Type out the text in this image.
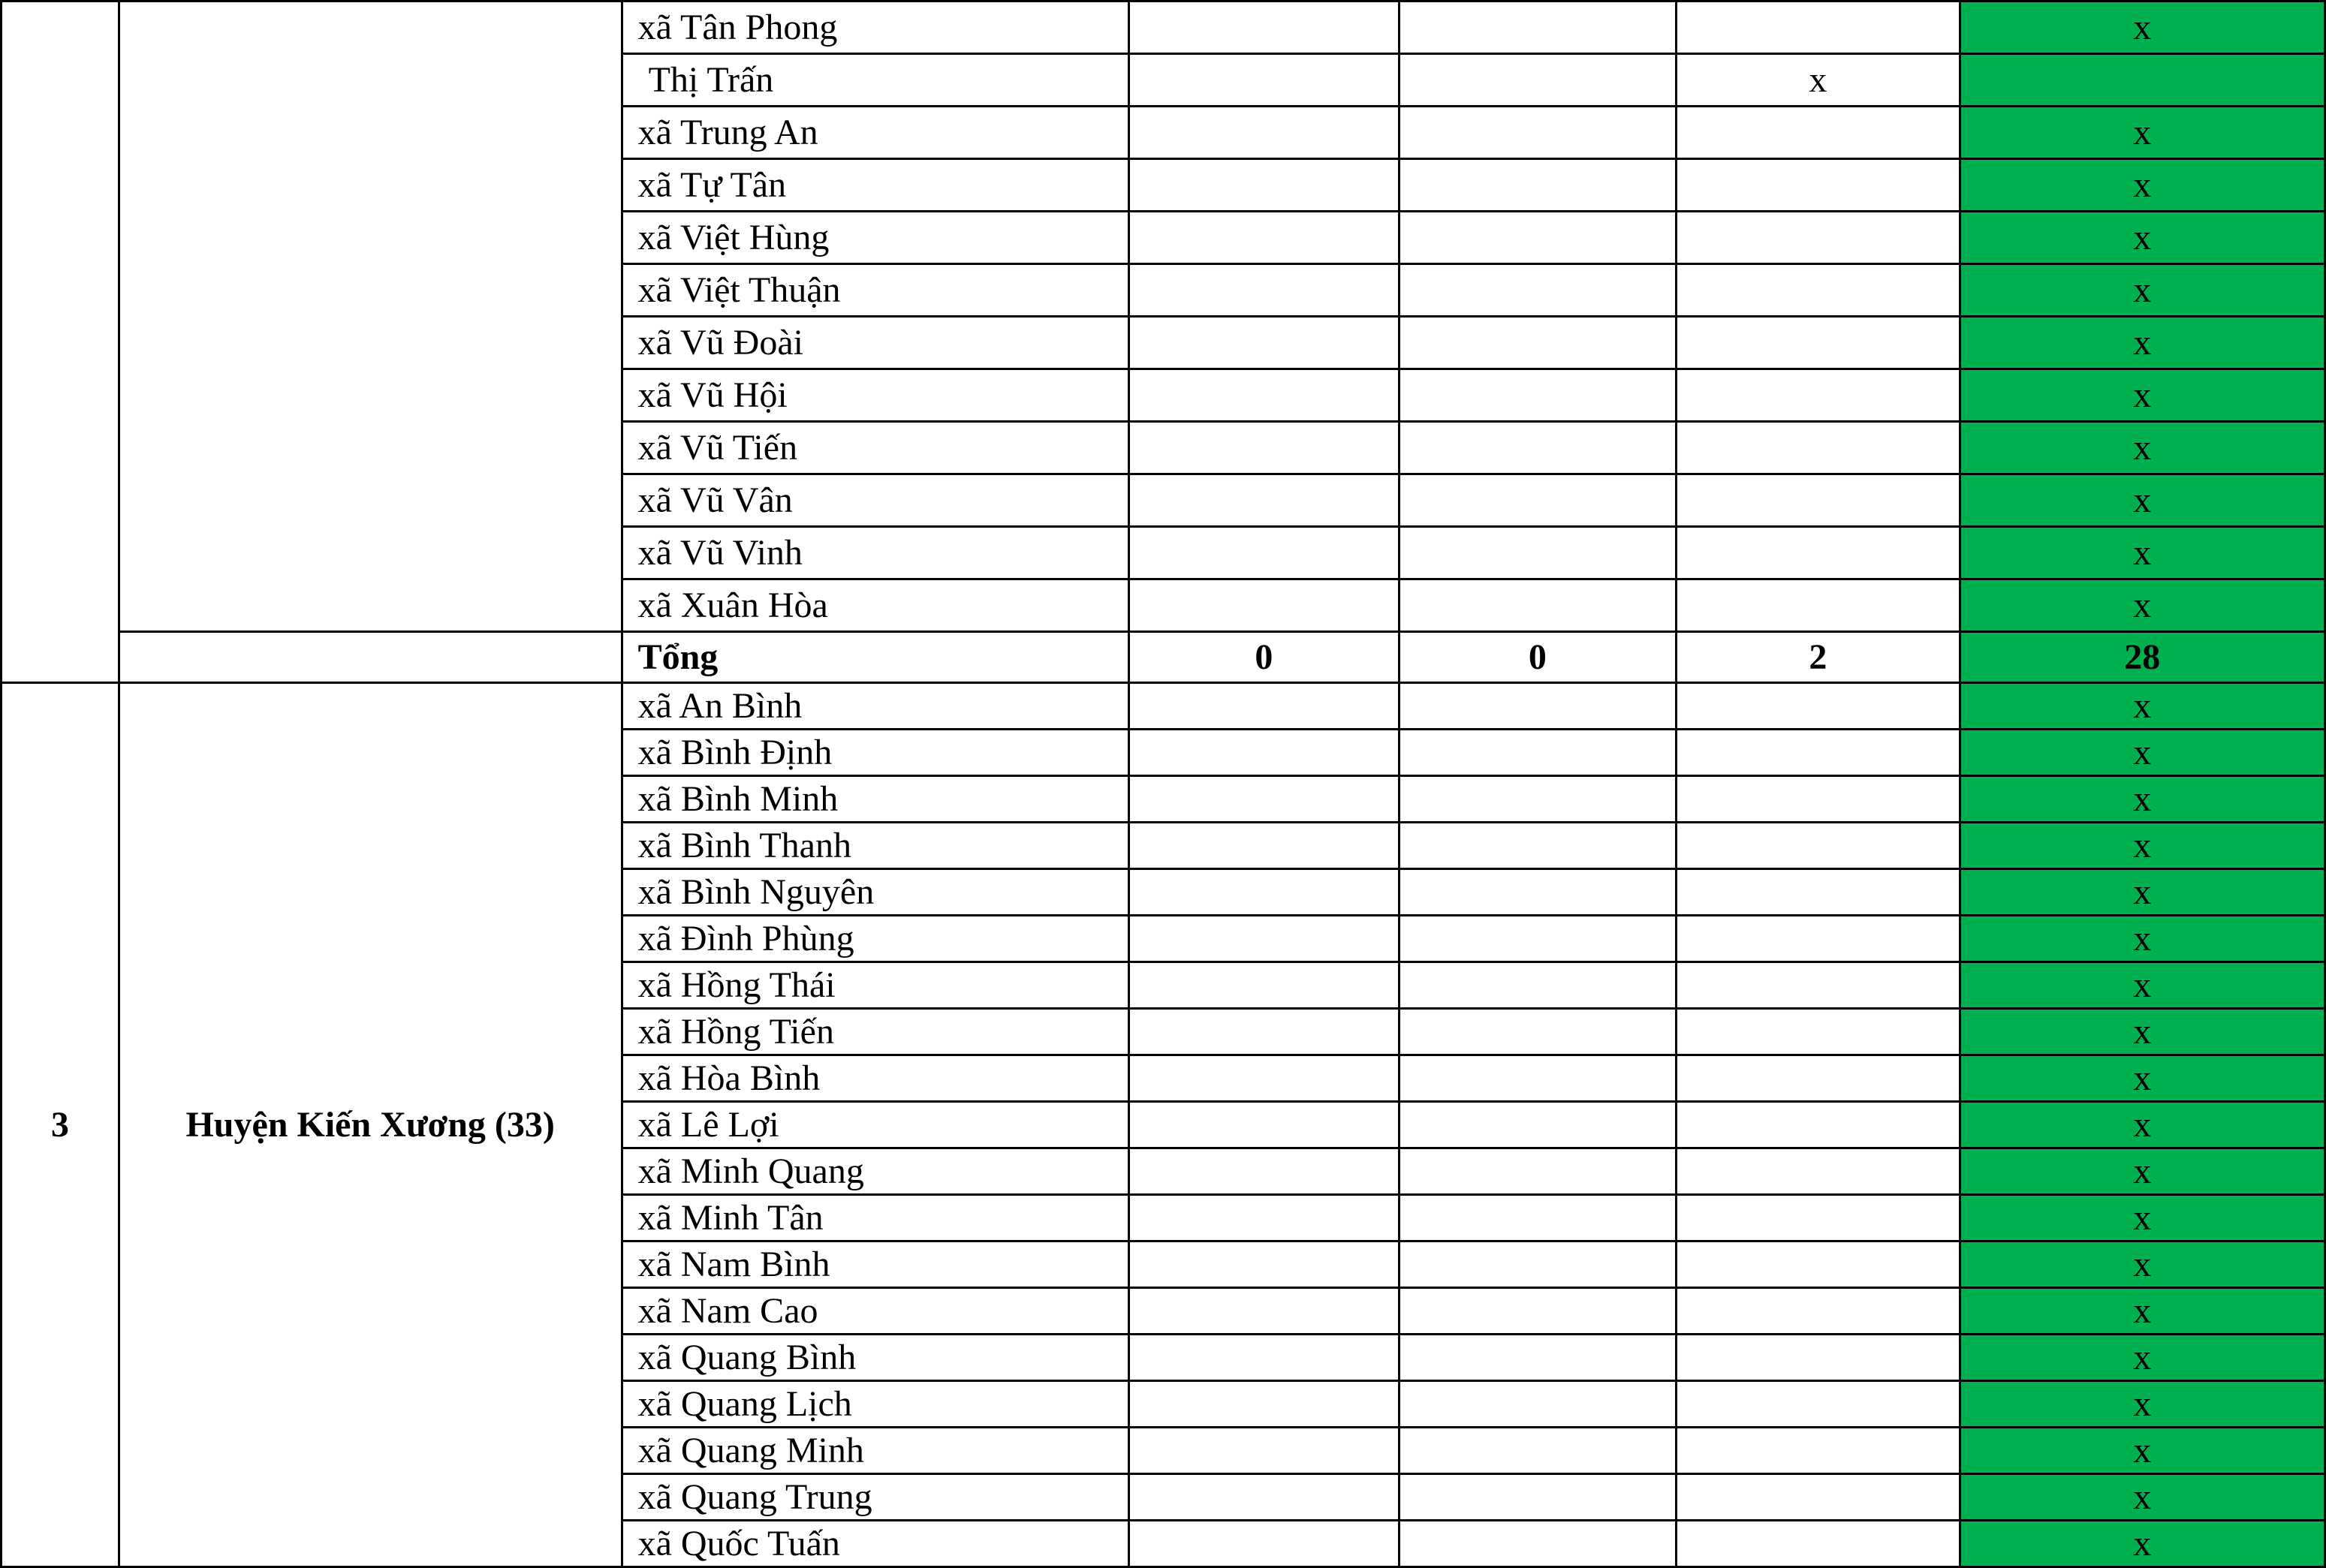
		xã Tân Phong				x
		Thị Trấn			x	
		xã Trung An				x
		xã Tự Tân				x
		xã Việt Hùng				x
		xã Việt Thuận				x
		xã Vũ Đoài				x
		xã Vũ Hội				x
		xã Vũ Tiến				x
		xã Vũ Vân				x
		xã Vũ Vinh				x
		xã Xuân Hòa				x
		Tổng	0	0	2	28
3	Huyện Kiến Xương (33)	xã An Bình				x
		xã Bình Định				x
		xã Bình Minh				x
		xã Bình Thanh				x
		xã Bình Nguyên				x
		xã Đình Phùng				x
		xã Hồng Thái				x
		xã Hồng Tiến				x
		xã Hòa Bình				x
		xã Lê Lợi				x
		xã Minh Quang				x
		xã Minh Tân				x
		xã Nam Bình				x
		xã Nam Cao				x
		xã Quang Bình				x
		xã Quang Lịch				x
		xã Quang Minh				x
		xã Quang Trung				x
		xã Quốc Tuấn				x
